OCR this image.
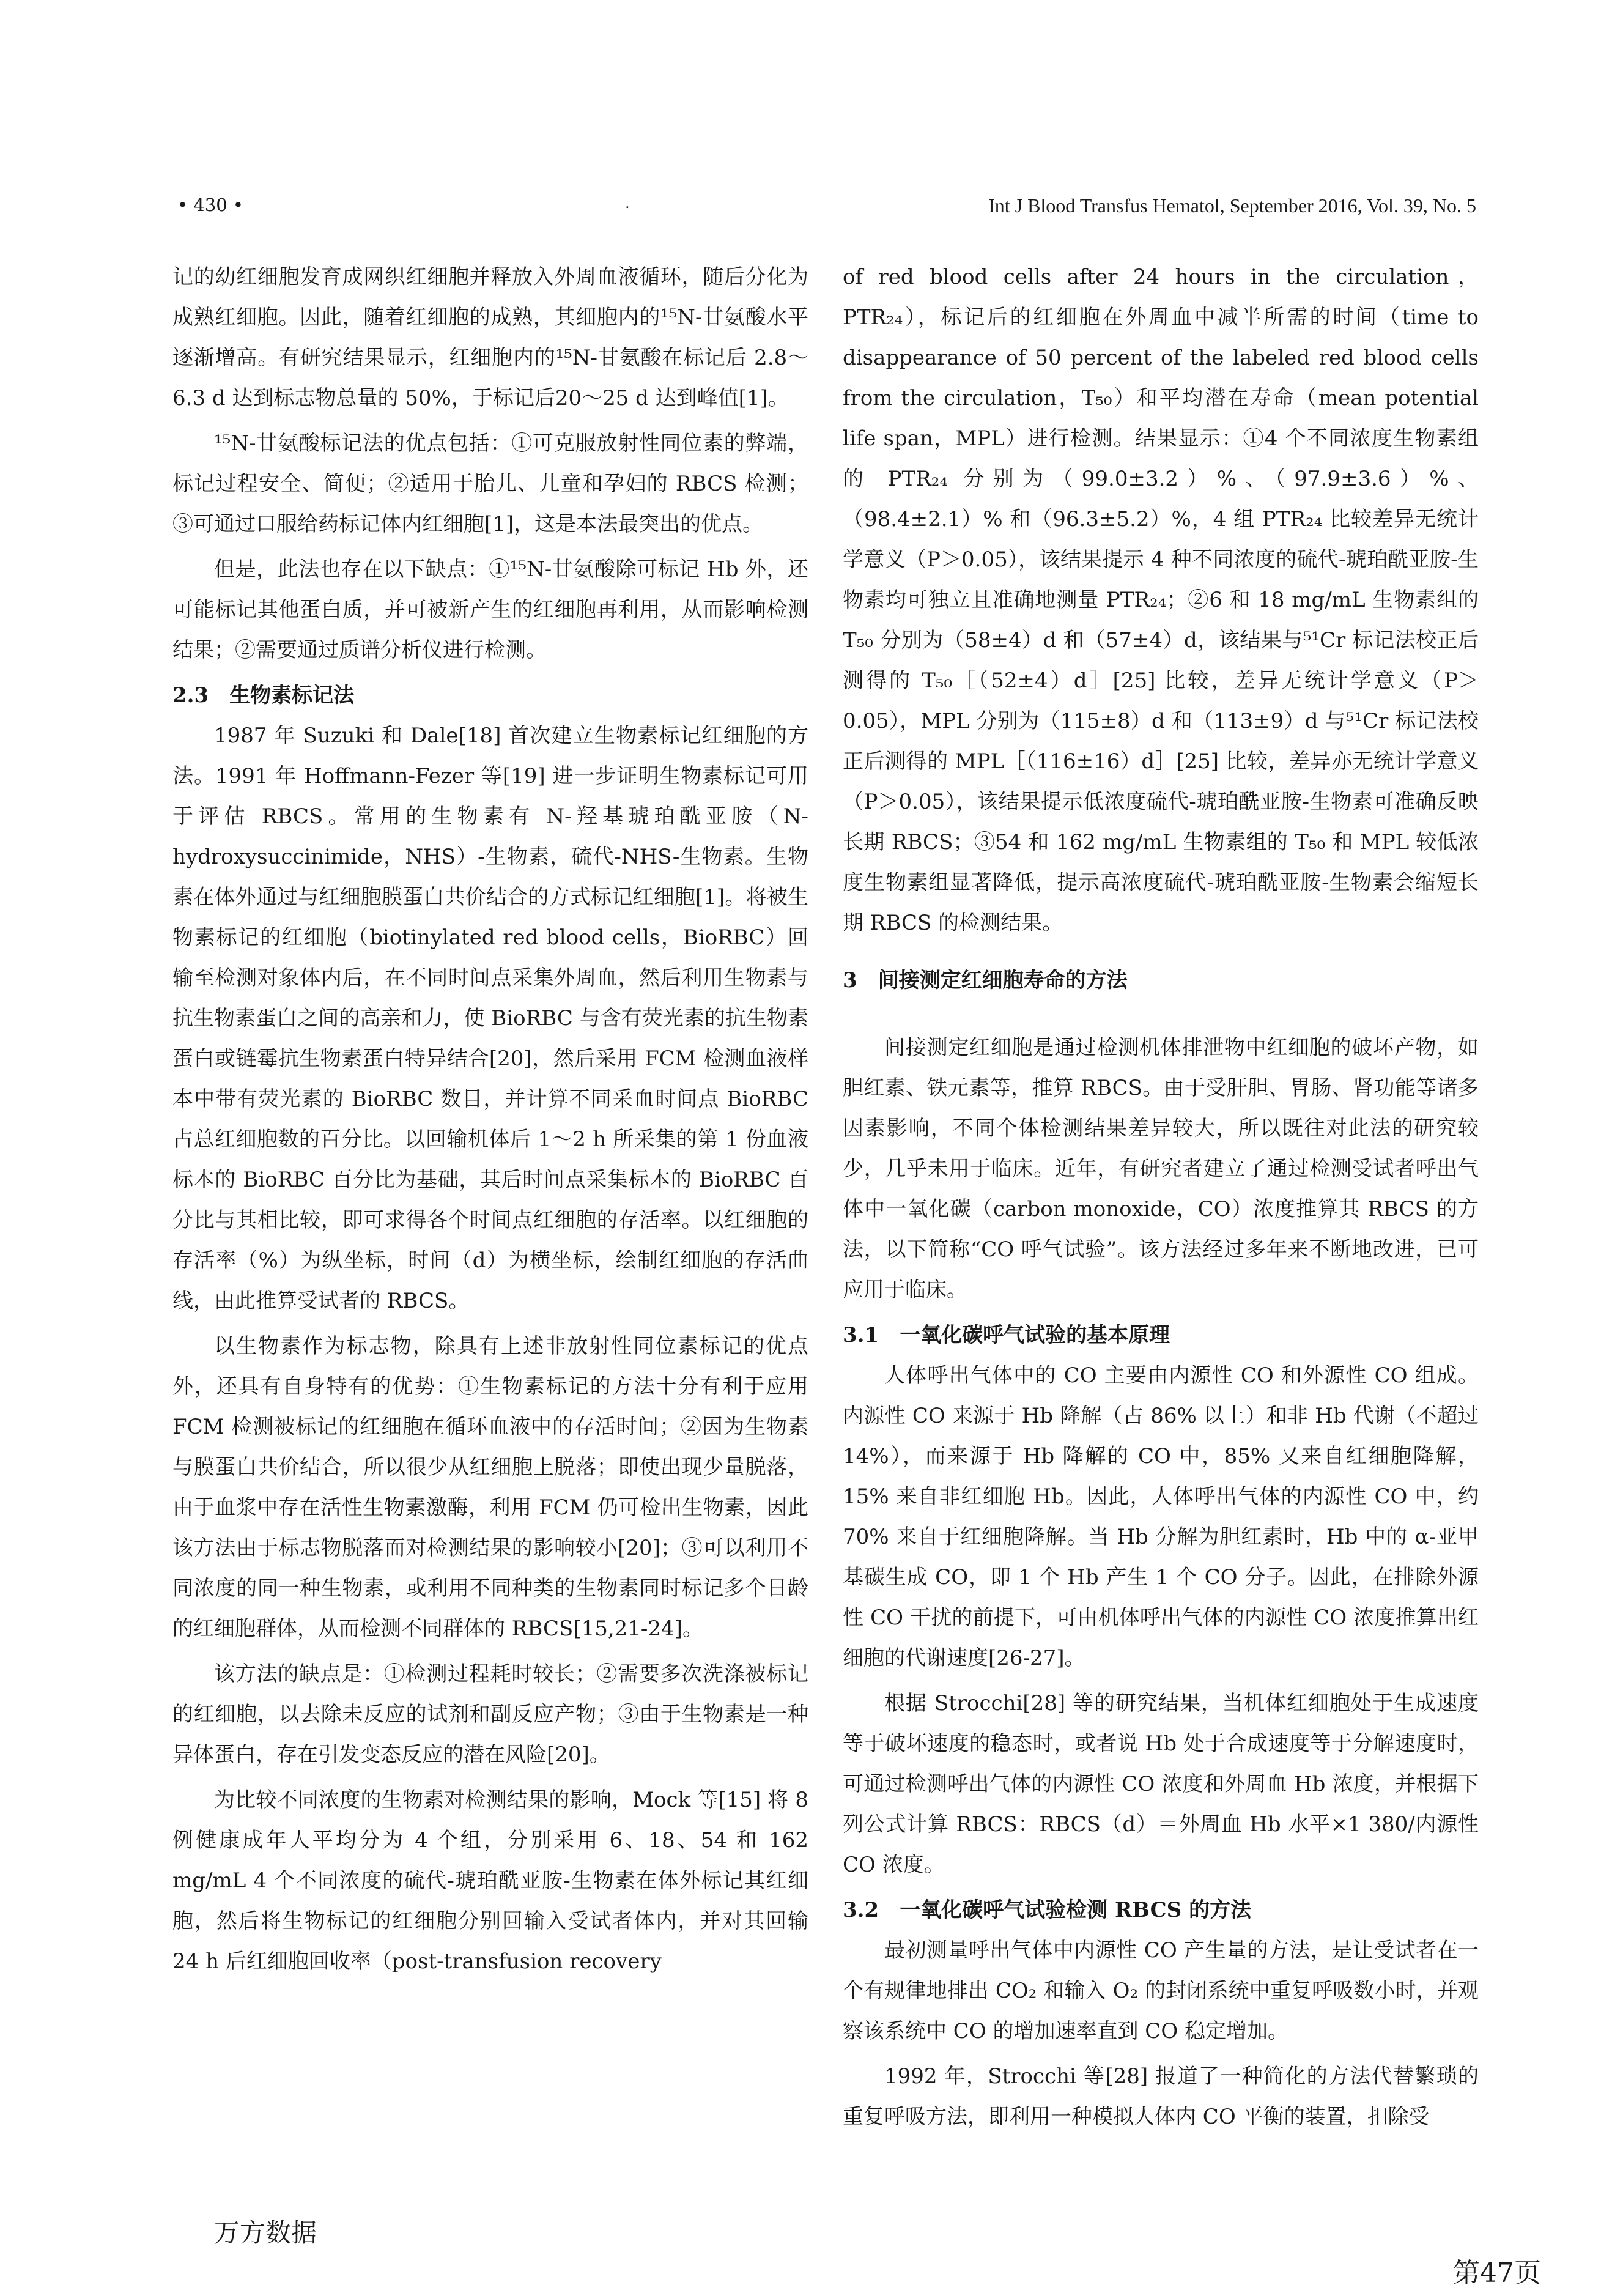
• 430 •	.	Int J Blood Transfus Hematol, September 2016, Vol. 39, No. 5

记的幼红细胞发育成网织红细胞并释放入外周血液循环，随后分化为成熟红细胞。因此，随着红细胞的成熟，其细胞内的¹⁵N-甘氨酸水平逐渐增高。有研究结果显示，红细胞内的¹⁵N-甘氨酸在标记后 2.8～6.3 d 达到标志物总量的 50%，于标记后20～25 d 达到峰值[1]。

¹⁵N-甘氨酸标记法的优点包括：①可克服放射性同位素的弊端，标记过程安全、简便；②适用于胎儿、儿童和孕妇的 RBCS 检测；③可通过口服给药标记体内红细胞[1]，这是本法最突出的优点。

但是，此法也存在以下缺点：①¹⁵N-甘氨酸除可标记 Hb 外，还可能标记其他蛋白质，并可被新产生的红细胞再利用，从而影响检测结果；②需要通过质谱分析仪进行检测。

2.3　生物素标记法

1987 年 Suzuki 和 Dale[18] 首次建立生物素标记红细胞的方法。1991 年 Hoffmann-Fezer 等[19] 进一步证明生物素标记可用于评估 RBCS。常用的生物素有 N-羟基琥珀酰亚胺（N-hydroxysuccinimide，NHS）-生物素，硫代-NHS-生物素。生物素在体外通过与红细胞膜蛋白共价结合的方式标记红细胞[1]。将被生物素标记的红细胞（biotinylated red blood cells，BioRBC）回输至检测对象体内后，在不同时间点采集外周血，然后利用生物素与抗生物素蛋白之间的高亲和力，使 BioRBC 与含有荧光素的抗生物素蛋白或链霉抗生物素蛋白特异结合[20]，然后采用 FCM 检测血液样本中带有荧光素的 BioRBC 数目，并计算不同采血时间点 BioRBC 占总红细胞数的百分比。以回输机体后 1～2 h 所采集的第 1 份血液标本的 BioRBC 百分比为基础，其后时间点采集标本的 BioRBC 百分比与其相比较，即可求得各个时间点红细胞的存活率。以红细胞的存活率（%）为纵坐标，时间（d）为横坐标，绘制红细胞的存活曲线，由此推算受试者的 RBCS。

以生物素作为标志物，除具有上述非放射性同位素标记的优点外，还具有自身特有的优势：①生物素标记的方法十分有利于应用 FCM 检测被标记的红细胞在循环血液中的存活时间；②因为生物素与膜蛋白共价结合，所以很少从红细胞上脱落；即使出现少量脱落，由于血浆中存在活性生物素激酶，利用 FCM 仍可检出生物素，因此该方法由于标志物脱落而对检测结果的影响较小[20]；③可以利用不同浓度的同一种生物素，或利用不同种类的生物素同时标记多个日龄的红细胞群体，从而检测不同群体的 RBCS[15,21-24]。

该方法的缺点是：①检测过程耗时较长；②需要多次洗涤被标记的红细胞，以去除未反应的试剂和副反应产物；③由于生物素是一种异体蛋白，存在引发变态反应的潜在风险[20]。

为比较不同浓度的生物素对检测结果的影响，Mock 等[15] 将 8 例健康成年人平均分为 4 个组，分别采用 6、18、54 和 162 mg/mL 4 个不同浓度的硫代-琥珀酰亚胺-生物素在体外标记其红细胞，然后将生物标记的红细胞分别回输入受试者体内，并对其回输 24 h 后红细胞回收率（post-transfusion recovery

of red blood cells after 24 hours in the circulation，PTR₂₄），标记后的红细胞在外周血中减半所需的时间（time to disappearance of 50 percent of the labeled red blood cells from the circulation，T₅₀）和平均潜在寿命（mean potential life span，MPL）进行检测。结果显示：①4 个不同浓度生物素组的 PTR₂₄ 分别为（99.0±3.2）%、（97.9±3.6）%、（98.4±2.1）% 和（96.3±5.2）%，4 组 PTR₂₄ 比较差异无统计学意义（P＞0.05），该结果提示 4 种不同浓度的硫代-琥珀酰亚胺-生物素均可独立且准确地测量 PTR₂₄；②6 和 18 mg/mL 生物素组的 T₅₀ 分别为（58±4）d 和（57±4）d，该结果与⁵¹Cr 标记法校正后测得的 T₅₀［（52±4）d］[25] 比较，差异无统计学意义（P＞0.05），MPL 分别为（115±8）d 和（113±9）d 与⁵¹Cr 标记法校正后测得的 MPL［（116±16）d］[25] 比较，差异亦无统计学意义（P＞0.05），该结果提示低浓度硫代-琥珀酰亚胺-生物素可准确反映长期 RBCS；③54 和 162 mg/mL 生物素组的 T₅₀ 和 MPL 较低浓度生物素组显著降低，提示高浓度硫代-琥珀酰亚胺-生物素会缩短长期 RBCS 的检测结果。

3　间接测定红细胞寿命的方法

间接测定红细胞是通过检测机体排泄物中红细胞的破坏产物，如胆红素、铁元素等，推算 RBCS。由于受肝胆、胃肠、肾功能等诸多因素影响，不同个体检测结果差异较大，所以既往对此法的研究较少，几乎未用于临床。近年，有研究者建立了通过检测受试者呼出气体中一氧化碳（carbon monoxide，CO）浓度推算其 RBCS 的方法，以下简称“CO 呼气试验”。该方法经过多年来不断地改进，已可应用于临床。

3.1　一氧化碳呼气试验的基本原理

人体呼出气体中的 CO 主要由内源性 CO 和外源性 CO 组成。内源性 CO 来源于 Hb 降解（占 86% 以上）和非 Hb 代谢（不超过 14%），而来源于 Hb 降解的 CO 中，85% 又来自红细胞降解，15% 来自非红细胞 Hb。因此，人体呼出气体的内源性 CO 中，约 70% 来自于红细胞降解。当 Hb 分解为胆红素时，Hb 中的 α-亚甲基碳生成 CO，即 1 个 Hb 产生 1 个 CO 分子。因此，在排除外源性 CO 干扰的前提下，可由机体呼出气体的内源性 CO 浓度推算出红细胞的代谢速度[26-27]。

根据 Strocchi[28] 等的研究结果，当机体红细胞处于生成速度等于破坏速度的稳态时，或者说 Hb 处于合成速度等于分解速度时，可通过检测呼出气体的内源性 CO 浓度和外周血 Hb 浓度，并根据下列公式计算 RBCS：RBCS（d）＝外周血 Hb 水平×1 380/内源性 CO 浓度。

3.2　一氧化碳呼气试验检测 RBCS 的方法

最初测量呼出气体中内源性 CO 产生量的方法，是让受试者在一个有规律地排出 CO₂ 和输入 O₂ 的封闭系统中重复呼吸数小时，并观察该系统中 CO 的增加速率直到 CO 稳定增加。

1992 年，Strocchi 等[28] 报道了一种简化的方法代替繁琐的重复呼吸方法，即利用一种模拟人体内 CO 平衡的装置，扣除受

万方数据
第47页
